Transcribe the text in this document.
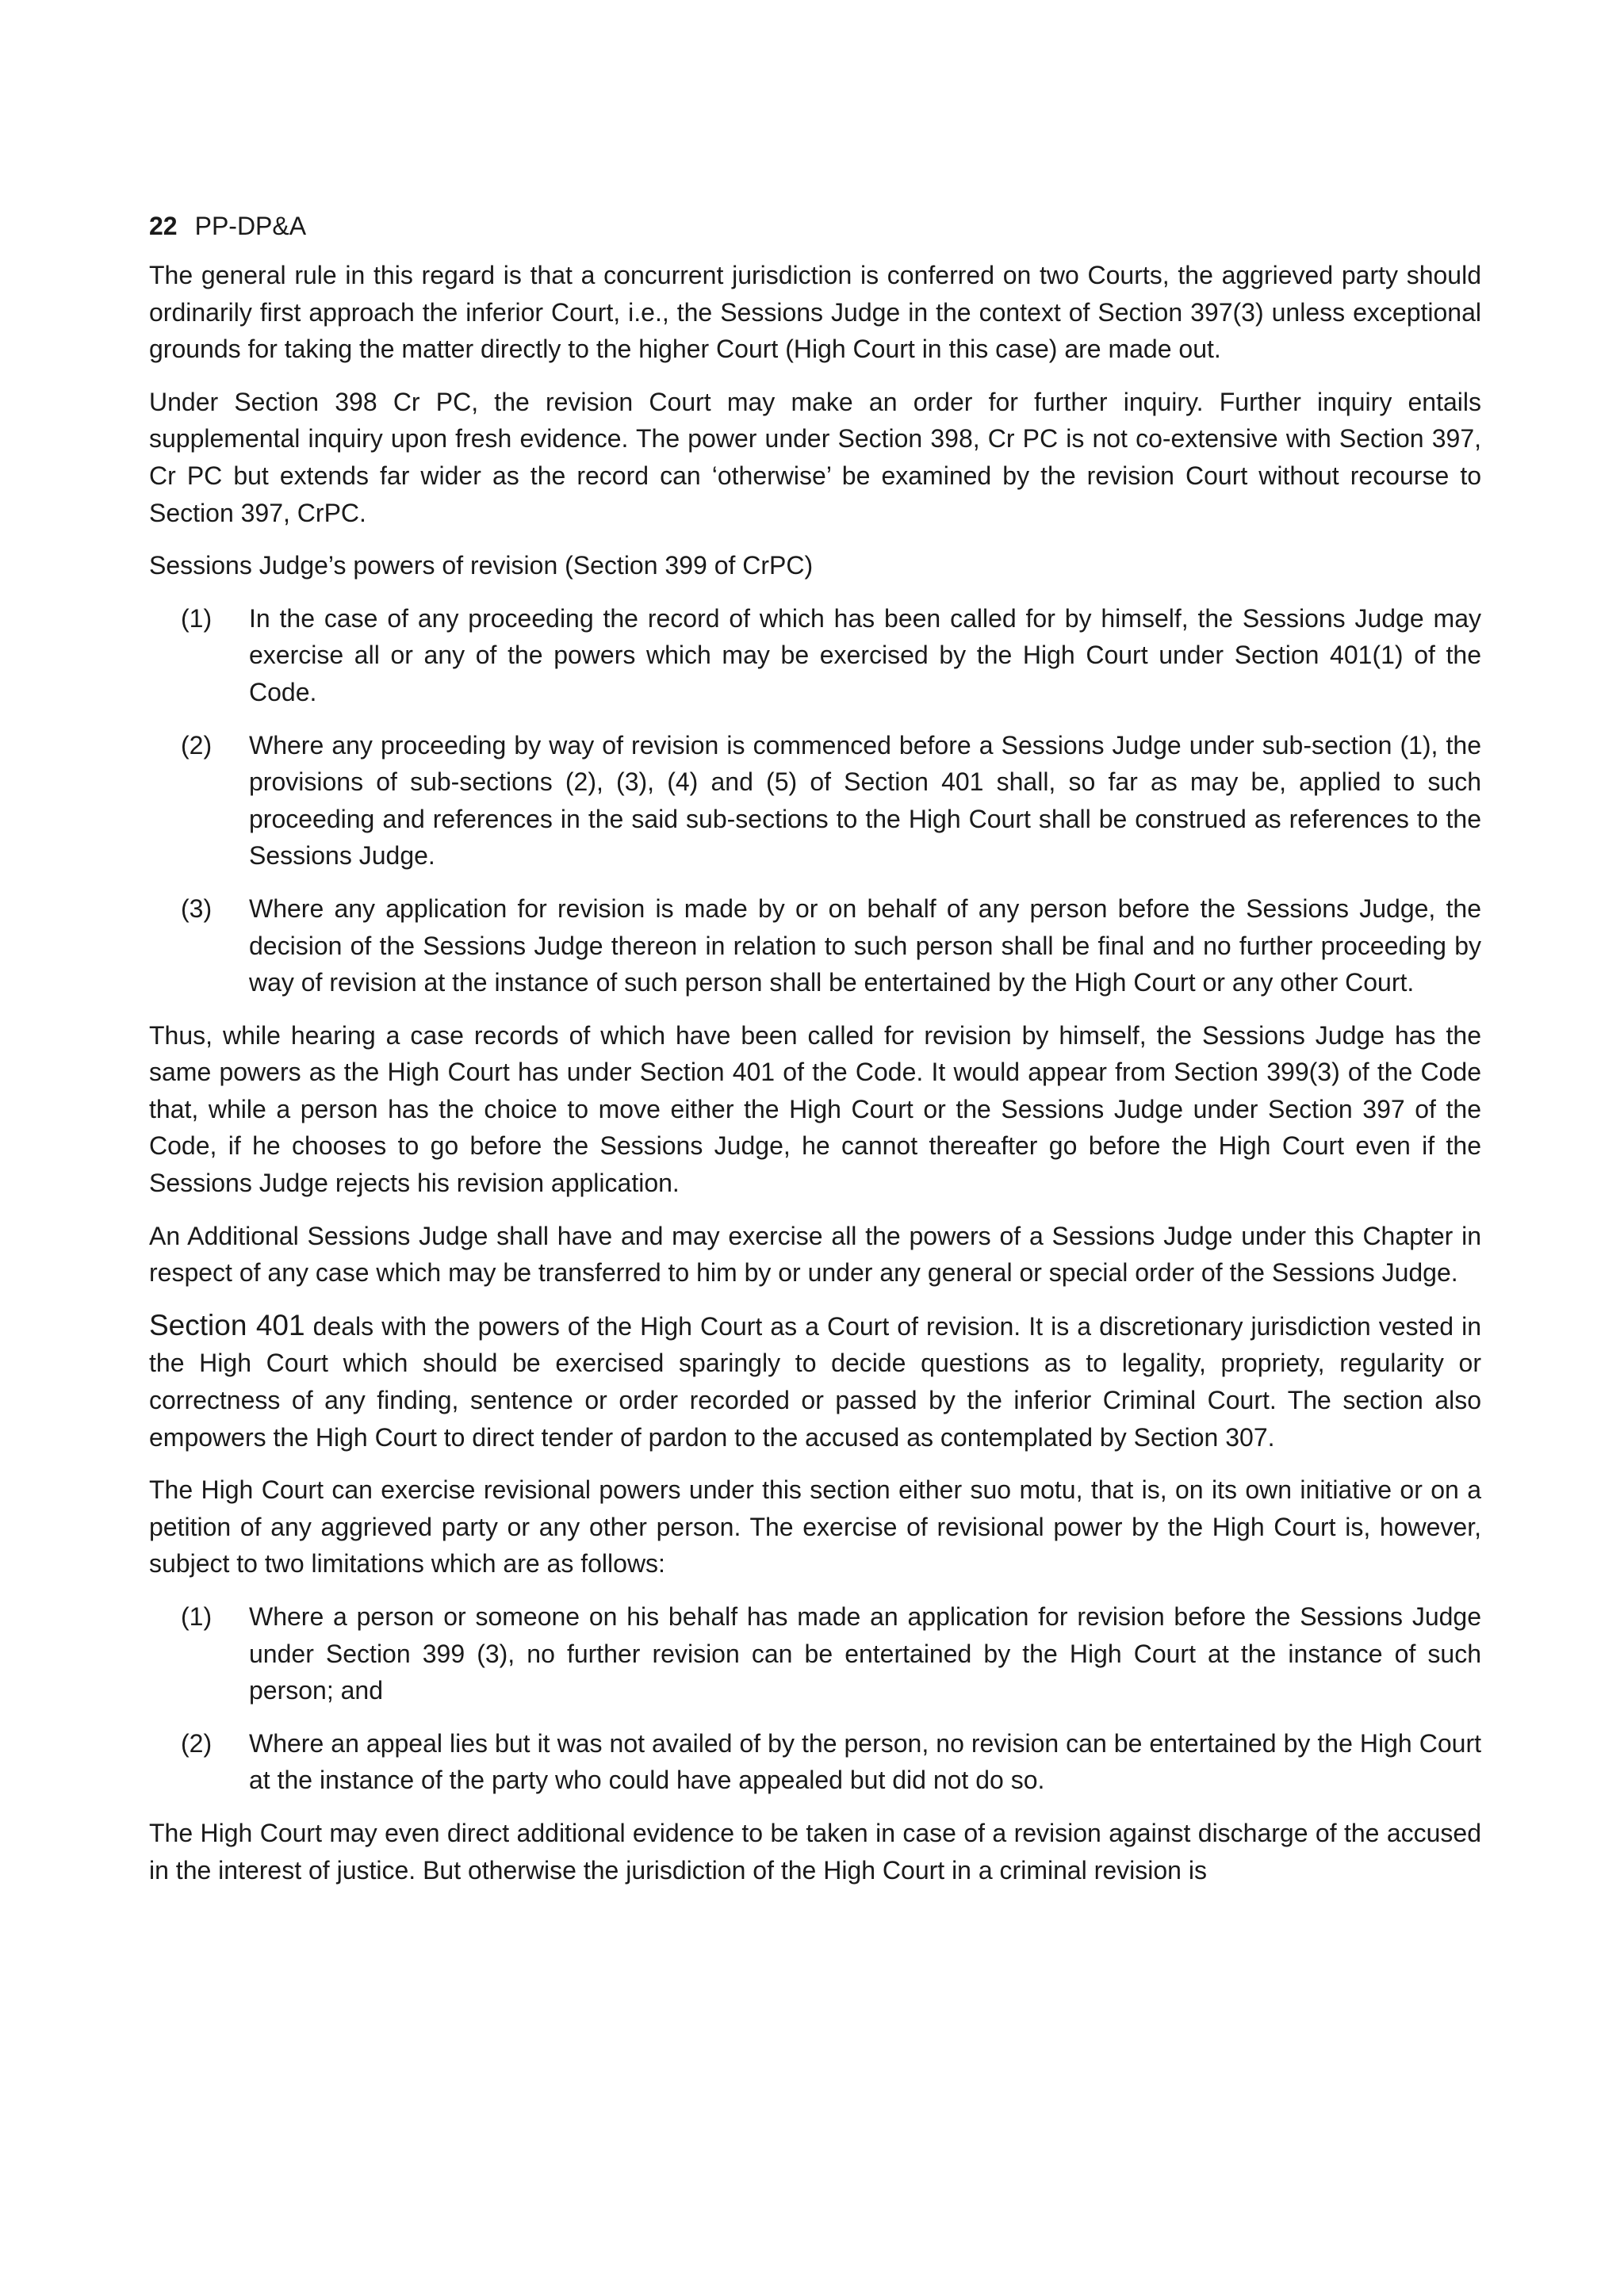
22 PP-DP&A

The general rule in this regard is that a concurrent jurisdiction is conferred on two Courts, the aggrieved party should ordinarily first approach the inferior Court, i.e., the Sessions Judge in the context of Section 397(3) unless exceptional grounds for taking the matter directly to the higher Court (High Court in this case) are made out.

Under Section 398 Cr PC, the revision Court may make an order for further inquiry. Further inquiry entails supplemental inquiry upon fresh evidence. The power under Section 398, Cr PC is not co-extensive with Section 397, Cr PC but extends far wider as the record can ‘otherwise’ be examined by the revision Court without recourse to Section 397, CrPC.

Sessions Judge’s powers of revision (Section 399 of CrPC)

(1) In the case of any proceeding the record of which has been called for by himself, the Sessions Judge may exercise all or any of the powers which may be exercised by the High Court under Section 401(1) of the Code.
(2) Where any proceeding by way of revision is commenced before a Sessions Judge under sub-section (1), the provisions of sub-sections (2), (3), (4) and (5) of Section 401 shall, so far as may be, applied to such proceeding and references in the said sub-sections to the High Court shall be construed as references to the Sessions Judge.
(3) Where any application for revision is made by or on behalf of any person before the Sessions Judge, the decision of the Sessions Judge thereon in relation to such person shall be final and no further proceeding by way of revision at the instance of such person shall be entertained by the High Court or any other Court.

Thus, while hearing a case records of which have been called for revision by himself, the Sessions Judge has the same powers as the High Court has under Section 401 of the Code. It would appear from Section 399(3) of the Code that, while a person has the choice to move either the High Court or the Sessions Judge under Section 397 of the Code, if he chooses to go before the Sessions Judge, he cannot thereafter go before the High Court even if the Sessions Judge rejects his revision application.

An Additional Sessions Judge shall have and may exercise all the powers of a Sessions Judge under this Chapter in respect of any case which may be transferred to him by or under any general or special order of the Sessions Judge.

Section 401 deals with the powers of the High Court as a Court of revision. It is a discretionary jurisdiction vested in the High Court which should be exercised sparingly to decide questions as to legality, propriety, regularity or correctness of any finding, sentence or order recorded or passed by the inferior Criminal Court. The section also empowers the High Court to direct tender of pardon to the accused as contemplated by Section 307.

The High Court can exercise revisional powers under this section either suo motu, that is, on its own initiative or on a petition of any aggrieved party or any other person. The exercise of revisional power by the High Court is, however, subject to two limitations which are as follows:

(1) Where a person or someone on his behalf has made an application for revision before the Sessions Judge under Section 399 (3), no further revision can be entertained by the High Court at the instance of such person; and
(2) Where an appeal lies but it was not availed of by the person, no revision can be entertained by the High Court at the instance of the party who could have appealed but did not do so.

The High Court may even direct additional evidence to be taken in case of a revision against discharge of the accused in the interest of justice. But otherwise the jurisdiction of the High Court in a criminal revision is
